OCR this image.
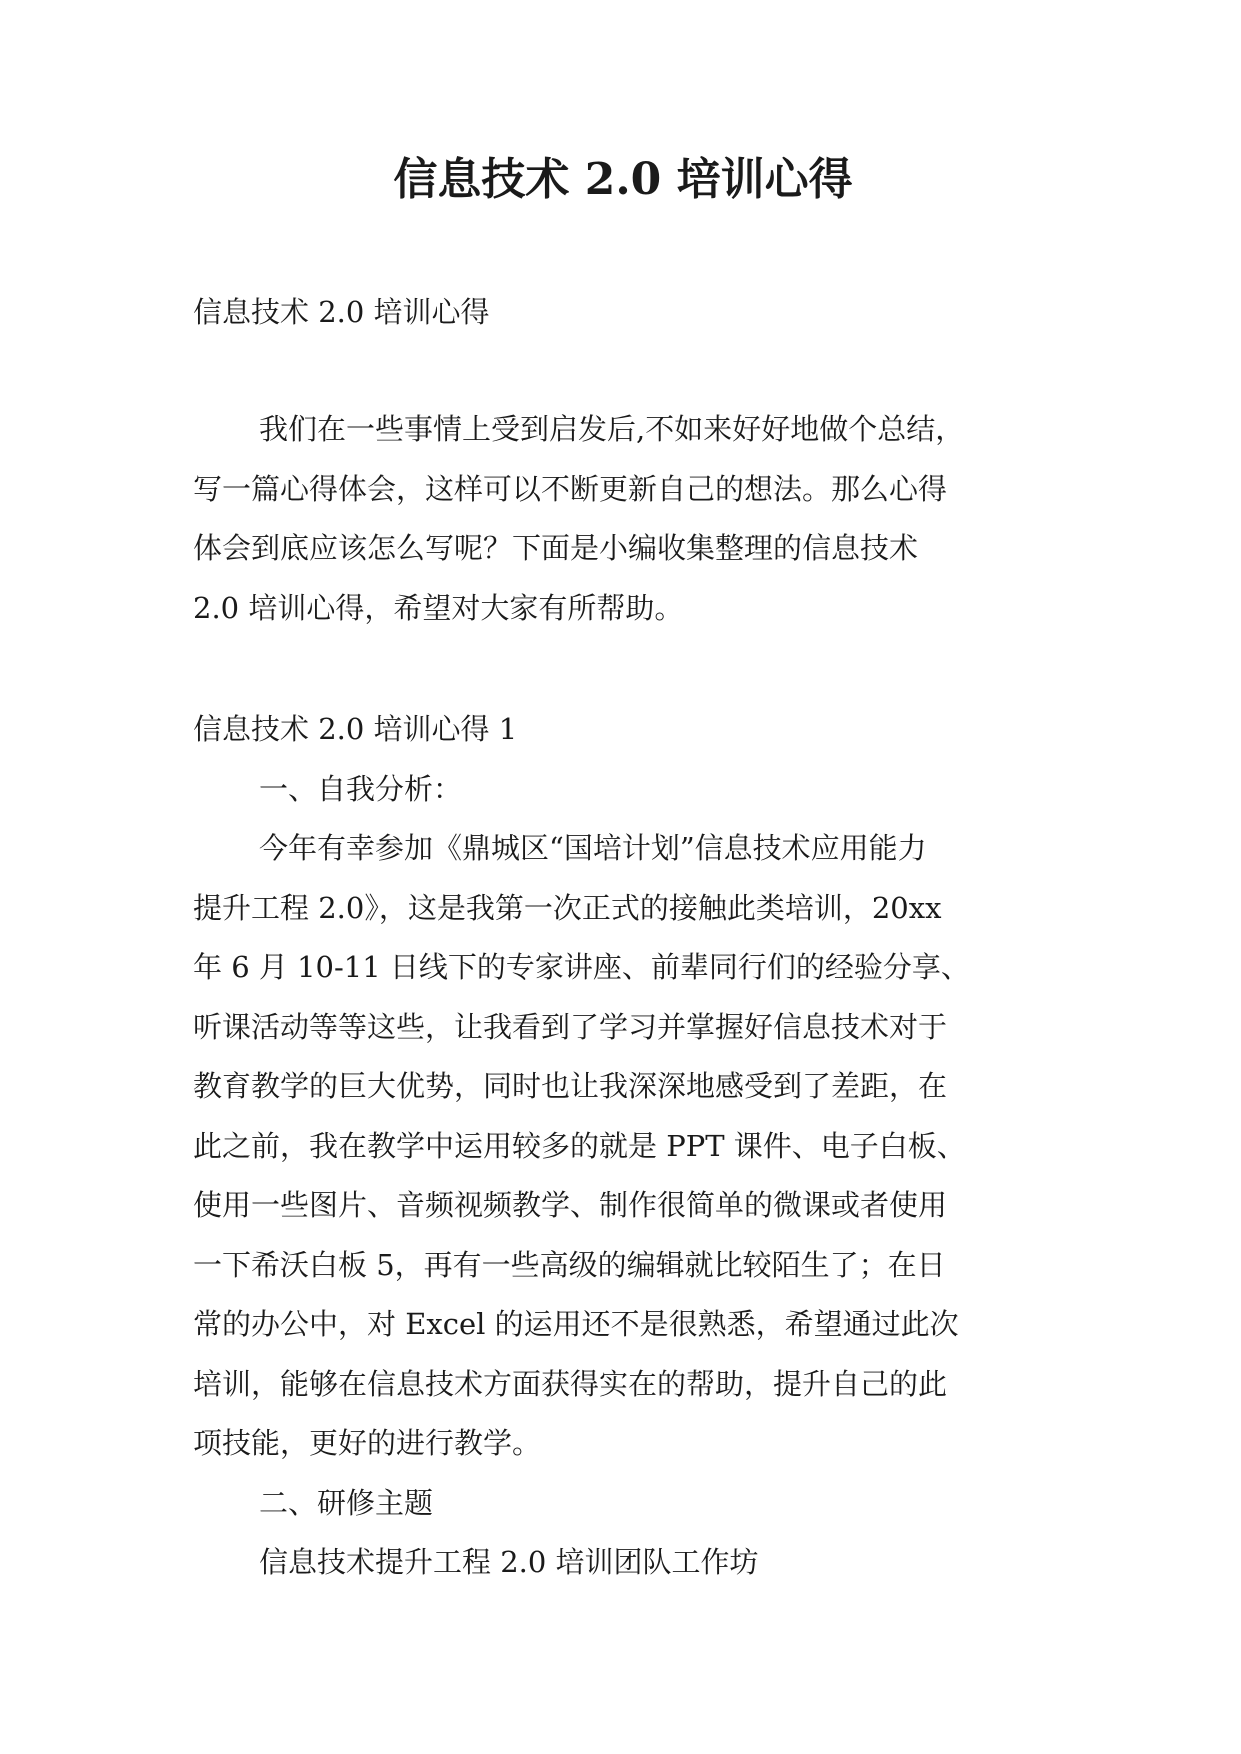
信息技术 2.0 培训心得
信息技术 2.0 培训心得
我们在一些事情上受到启发后,不如来好好地做个总结，
写一篇心得体会，这样可以不断更新自己的想法。那么心得
体会到底应该怎么写呢？下面是小编收集整理的信息技术
2.0 培训心得，希望对大家有所帮助。
信息技术 2.0 培训心得 1
一、自我分析：
今年有幸参加《鼎城区“国培计划”信息技术应用能力
提升工程 2.0》，这是我第一次正式的接触此类培训，20xx
年 6 月 10-11 日线下的专家讲座、前辈同行们的经验分享、
听课活动等等这些，让我看到了学习并掌握好信息技术对于
教育教学的巨大优势，同时也让我深深地感受到了差距，在
此之前，我在教学中运用较多的就是 PPT 课件、电子白板、
使用一些图片、音频视频教学、制作很简单的微课或者使用
一下希沃白板 5，再有一些高级的编辑就比较陌生了；在日
常的办公中，对 Excel 的运用还不是很熟悉，希望通过此次
培训，能够在信息技术方面获得实在的帮助，提升自己的此
项技能，更好的进行教学。
二、研修主题
信息技术提升工程 2.0 培训团队工作坊
